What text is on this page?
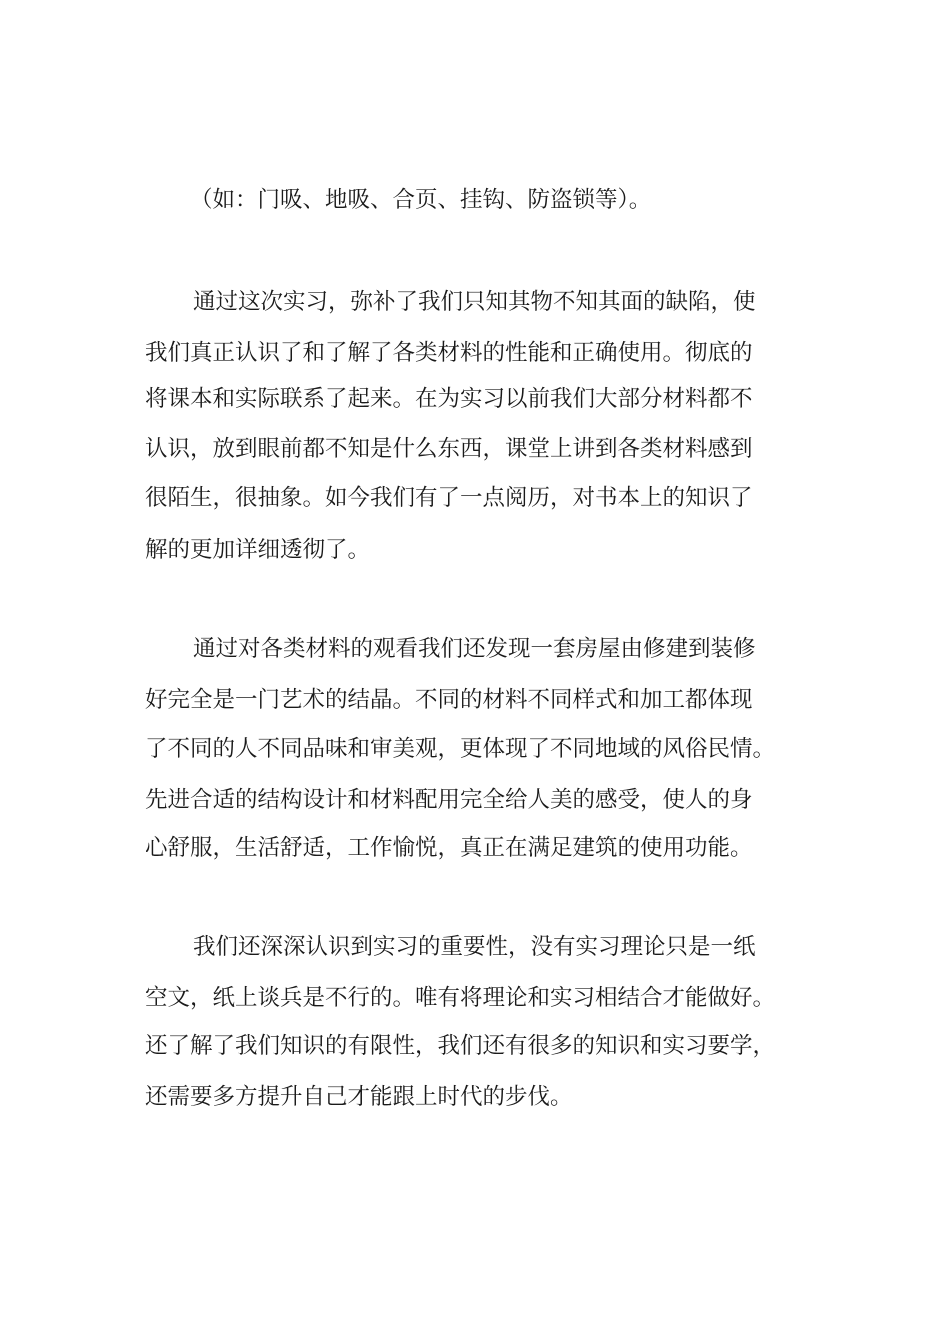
（如：门吸、地吸、合页、挂钩、防盗锁等）。

通过这次实习，弥补了我们只知其物不知其面的缺陷，使

我们真正认识了和了解了各类材料的性能和正确使用。彻底的

将课本和实际联系了起来。在为实习以前我们大部分材料都不

认识，放到眼前都不知是什么东西，课堂上讲到各类材料感到

很陌生，很抽象。如今我们有了一点阅历，对书本上的知识了

解的更加详细透彻了。

通过对各类材料的观看我们还发现一套房屋由修建到装修

好完全是一门艺术的结晶。不同的材料不同样式和加工都体现

了不同的人不同品味和审美观，更体现了不同地域的风俗民情。

先进合适的结构设计和材料配用完全给人美的感受，使人的身

心舒服，生活舒适，工作愉悦，真正在满足建筑的使用功能。

我们还深深认识到实习的重要性，没有实习理论只是一纸

空文，纸上谈兵是不行的。唯有将理论和实习相结合才能做好。

还了解了我们知识的有限性，我们还有很多的知识和实习要学，

还需要多方提升自己才能跟上时代的步伐。
